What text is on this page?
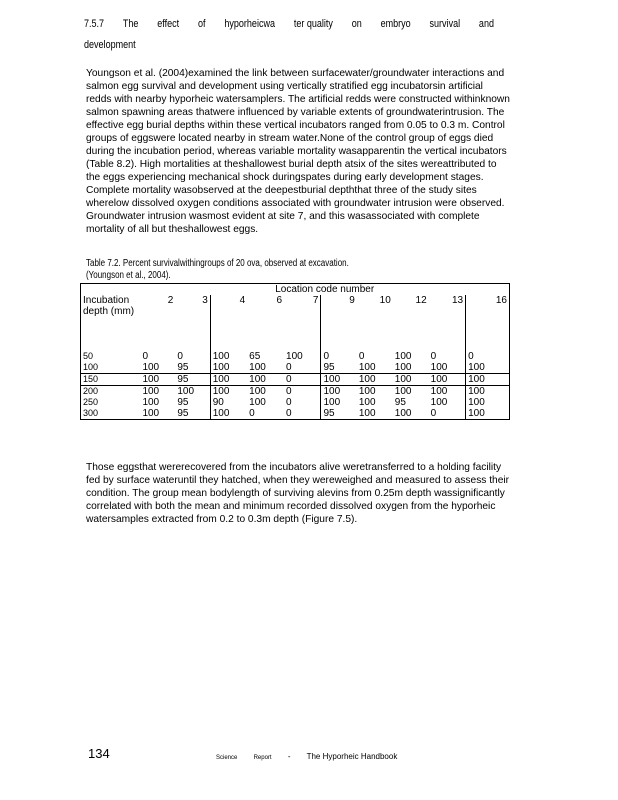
7.5.7 The effect of hyporheicwa ter quality on embryo survival and
development
Youngson et al. (2004)examined the link between surfacewater/groundwater interactions and salmon egg survival and development using vertically stratified egg incubatorsin artificial redds with nearby hyporheic watersamplers. The artificial redds were constructed withinknown salmon spawning areas thatwere influenced by variable extents of groundwaterintrusion. The effective egg burial depths within these vertical incubators ranged from 0.05 to 0.3 m. Control groups of eggswere located nearby in stream water.None of the control group of eggs died during the incubation period, whereas variable mortality wasapparentin the vertical incubators (Table 8.2). High mortalities at theshallowest burial depth atsix of the sites wereattributed to the eggs experiencing mechanical shock duringspates during early development stages. Complete mortality wasobserved at the deepestburial depththat three of the study sites wherelow dissolved oxygen conditions associated with groundwater intrusion were observed. Groundwater intrusion wasmost evident at site 7, and this wasassociated with complete mortality of all but theshallowest eggs.
Table 7.2. Percent survivalwithingroups of 20 ova, observed at excavation.
(Youngson et al., 2004).
	Location code number									
Incubation depth (mm)	2	3	4	6	7	9	10	12	13	16

50	0	0	100	65	100	0	0	100	0	0
100	100	95	100	100	0	95	100	100	100	100
150	100	95	100	100	0	100	100	100	100	100
200	100	100	100	100	0	100	100	100	100	100
250	100	95	90	100	0	100	100	95	100	100
300	100	95	100	0	0	95	100	100	0	100
Those eggsthat wererecovered from the incubators alive weretransferred to a holding facility fed by surface wateruntil they hatched, when they wereweighed and measured to assess their condition. The group mean bodylength of surviving alevins from 0.25m depth wassignificantly correlated with both the mean and minimum recorded dissolved oxygen from the hyporheic watersamples extracted from 0.2 to 0.3m depth (Figure 7.5).
134	Science	Report - The Hyporheic Handbook
